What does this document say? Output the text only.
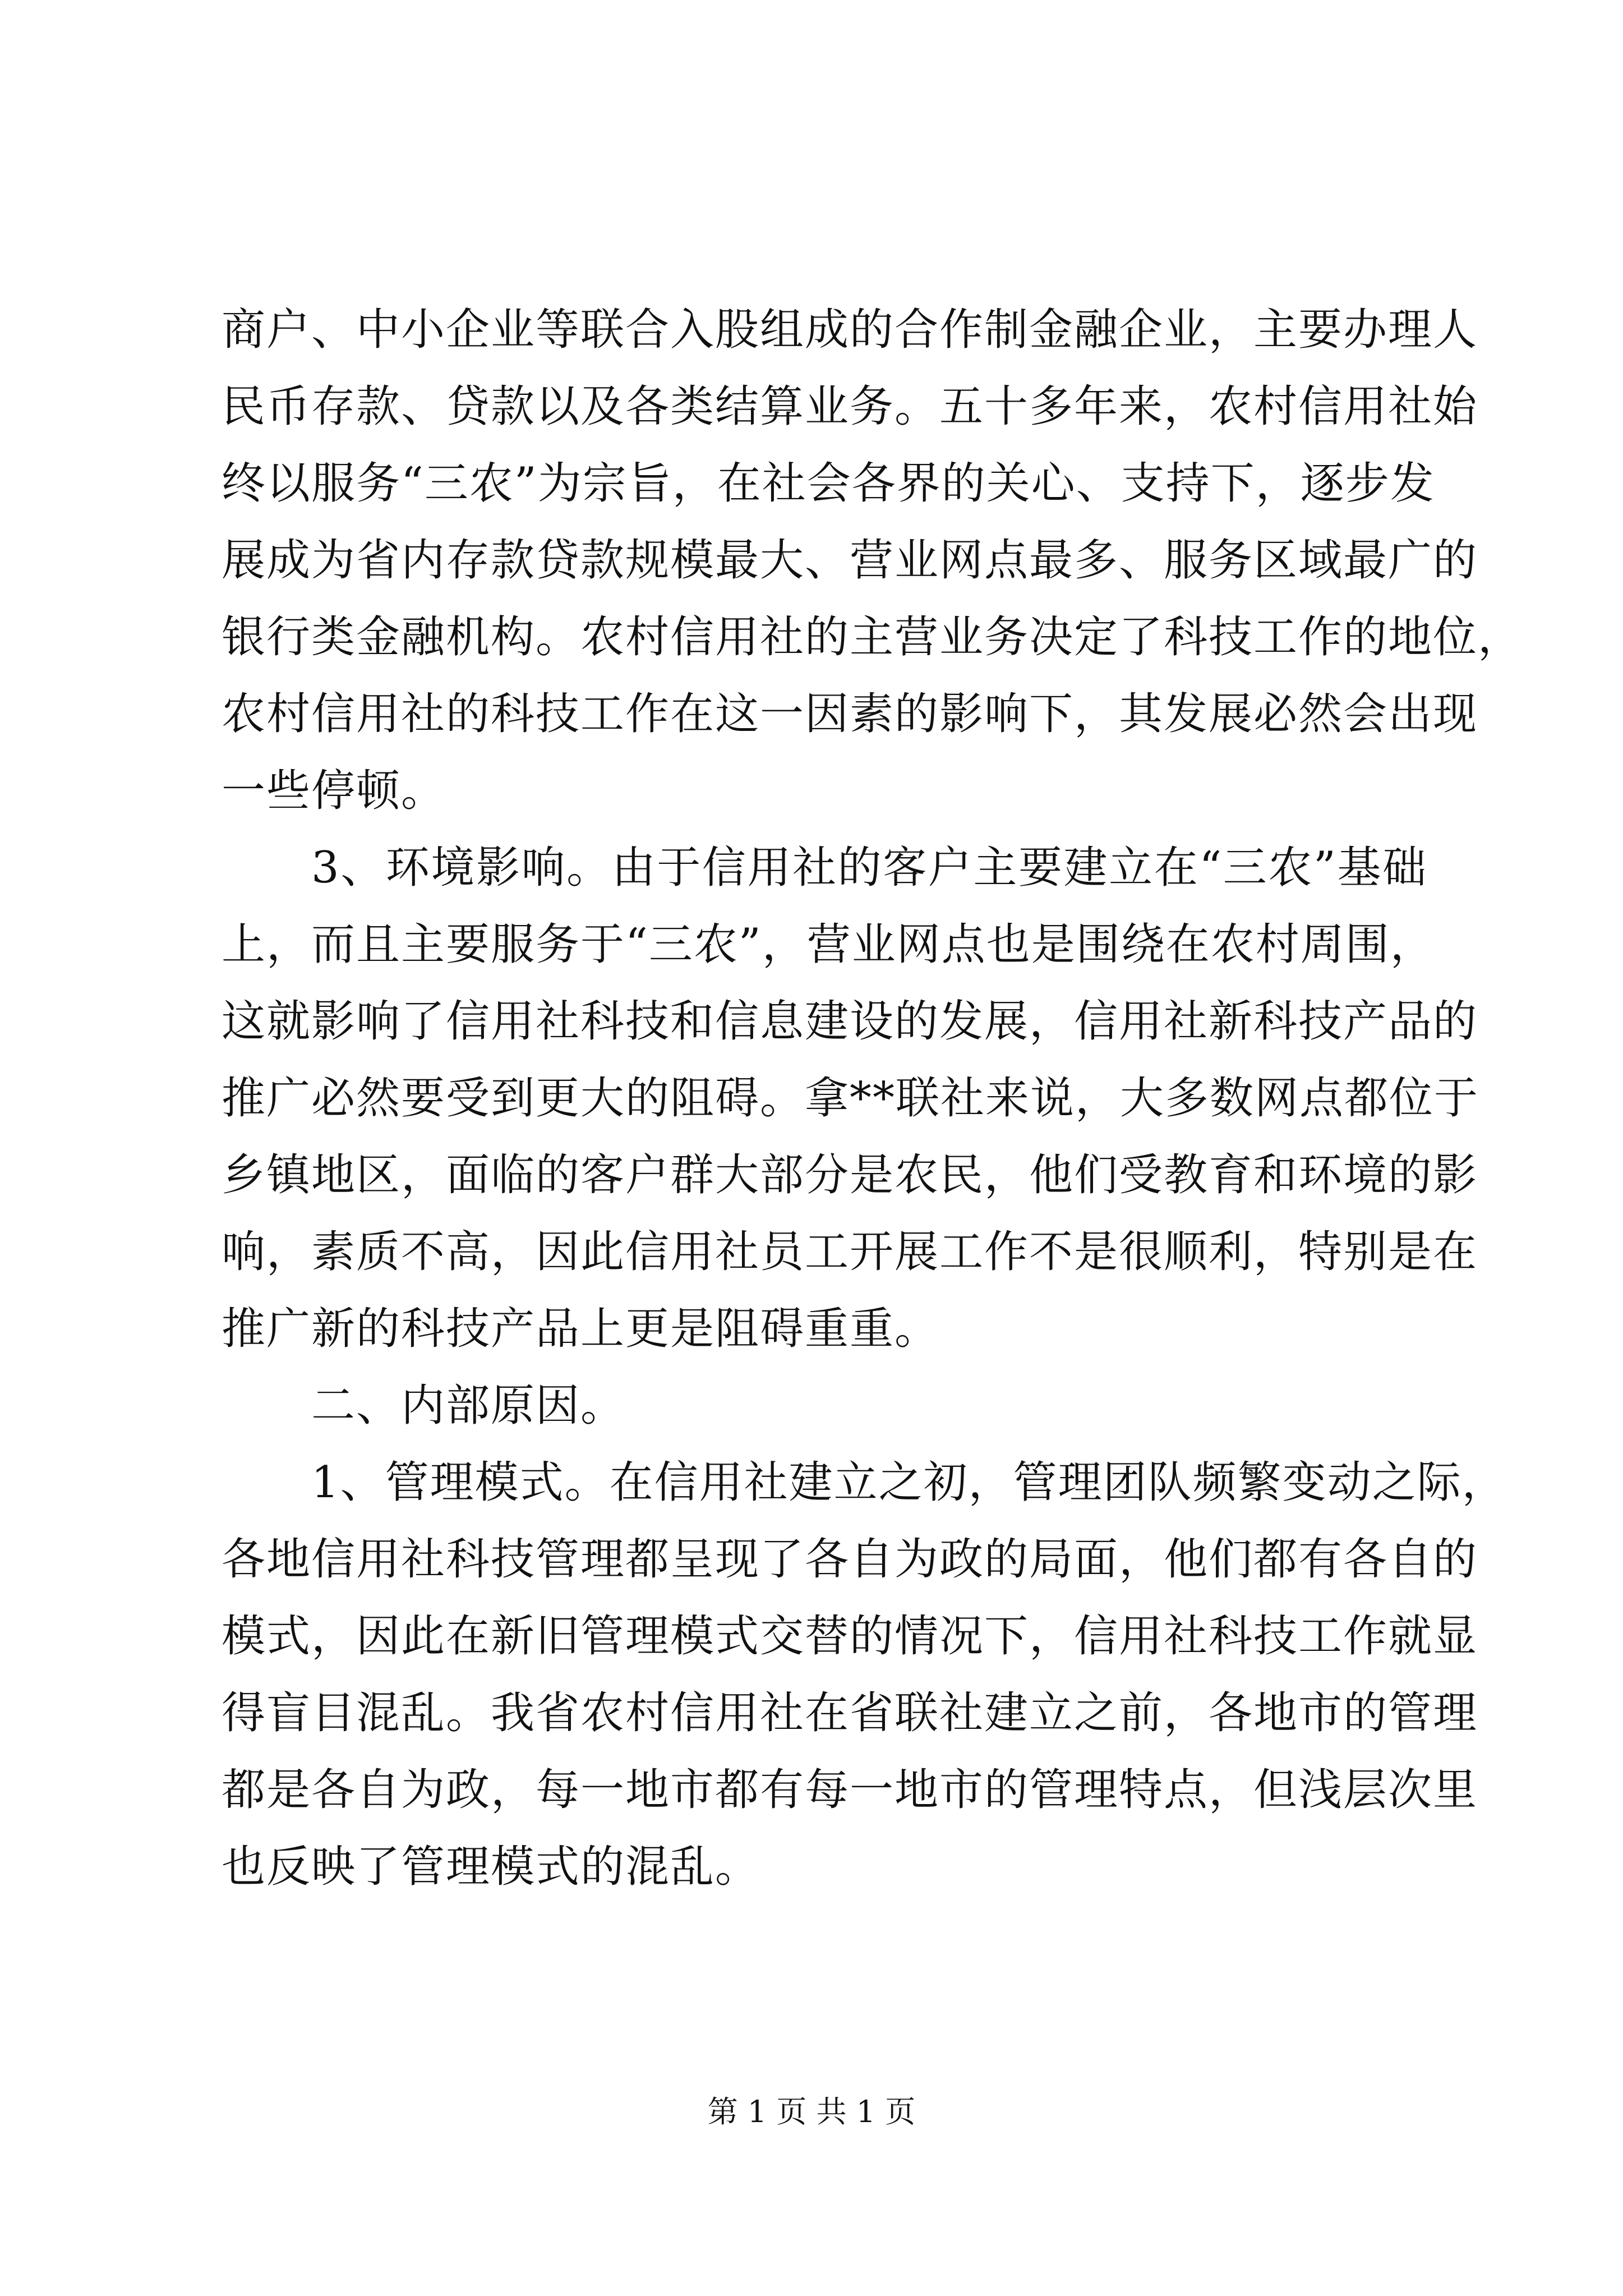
商户、中小企业等联合入股组成的合作制金融企业，主要办理人
民币存款、贷款以及各类结算业务。五十多年来，农村信用社始
终以服务“三农”为宗旨，在社会各界的关心、支持下，逐步发
展成为省内存款贷款规模最大、营业网点最多、服务区域最广的
银行类金融机构。农村信用社的主营业务决定了科技工作的地位，
农村信用社的科技工作在这一因素的影响下，其发展必然会出现
一些停顿。
3、环境影响。由于信用社的客户主要建立在“三农”基础
上，而且主要服务于“三农”，营业网点也是围绕在农村周围，
这就影响了信用社科技和信息建设的发展，信用社新科技产品的
推广必然要受到更大的阻碍。拿**联社来说，大多数网点都位于
乡镇地区，面临的客户群大部分是农民，他们受教育和环境的影
响，素质不高，因此信用社员工开展工作不是很顺利，特别是在
推广新的科技产品上更是阻碍重重。
二、内部原因。
1、管理模式。在信用社建立之初，管理团队频繁变动之际，
各地信用社科技管理都呈现了各自为政的局面，他们都有各自的
模式，因此在新旧管理模式交替的情况下，信用社科技工作就显
得盲目混乱。我省农村信用社在省联社建立之前，各地市的管理
都是各自为政，每一地市都有每一地市的管理特点，但浅层次里
也反映了管理模式的混乱。
第 1 页 共 1 页
